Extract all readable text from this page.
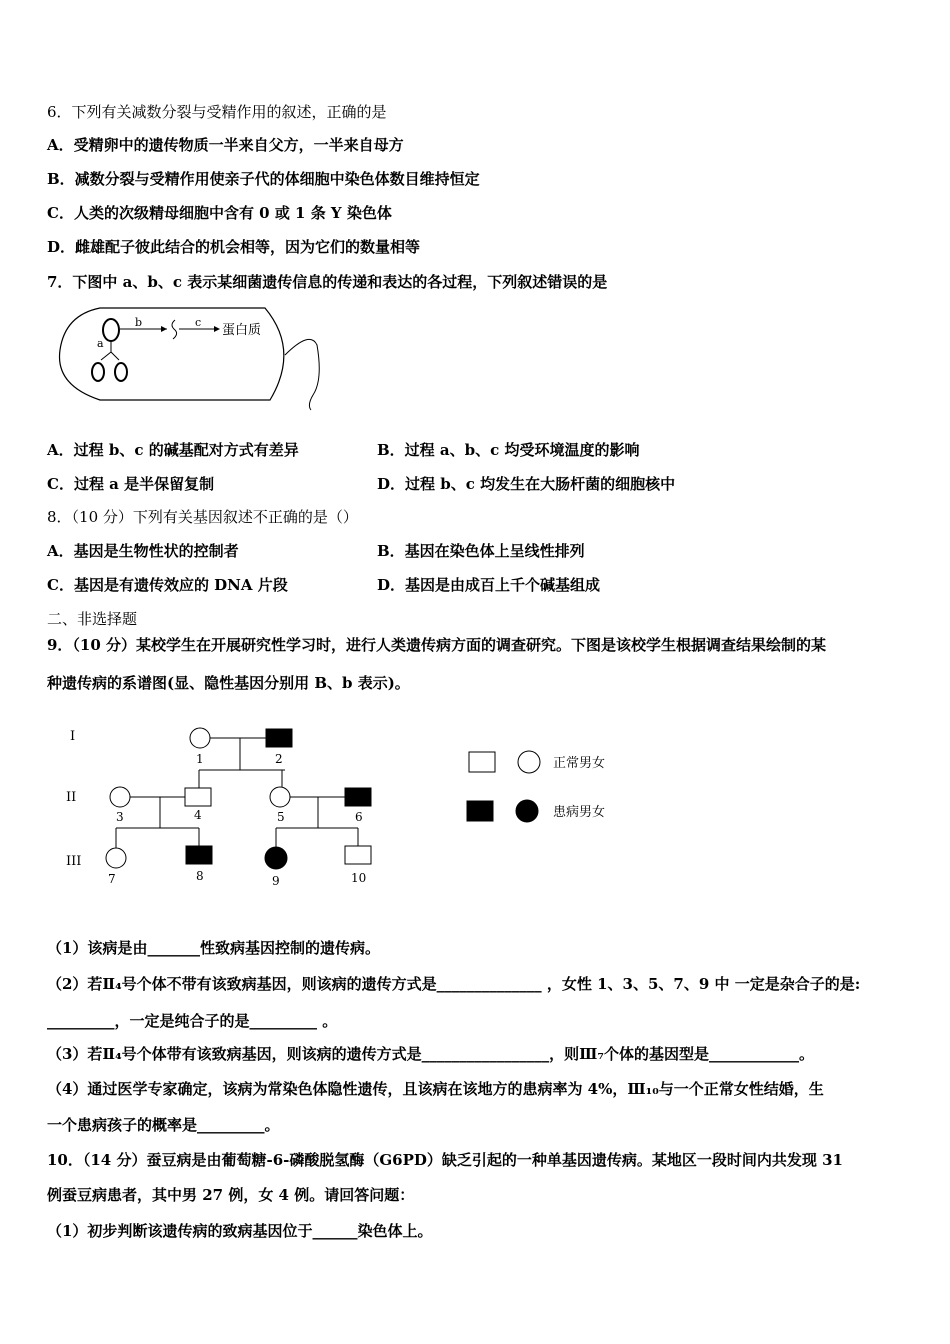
6．下列有关减数分裂与受精作用的叙述，正确的是
A．受精卵中的遗传物质一半来自父方，一半来自母方
B．减数分裂与受精作用使亲子代的体细胞中染色体数目维持恒定
C．人类的次级精母细胞中含有 0 或 1 条 Y 染色体
D．雌雄配子彼此结合的机会相等，因为它们的数量相等
7．下图中 a、b、c 表示某细菌遗传信息的传递和表达的各过程，下列叙述错误的是
b	c
a
蛋白质
A．过程 b、c 的碱基配对方式有差异	B．过程 a、b、c 均受环境温度的影响
C．过程 a 是半保留复制	D．过程 b、c 均发生在大肠杆菌的细胞核中
8．（10 分）下列有关基因叙述不正确的是（）
A．基因是生物性状的控制者	B．基因在染色体上呈线性排列
C．基因是有遗传效应的 DNA 片段	D．基因是由成百上千个碱基组成
二、非选择题
9．（10 分）某校学生在开展研究性学习时，进行人类遗传病方面的调查研究。下图是该校学生根据调查结果绘制的某
种遗传病的系谱图(显、隐性基因分别用 B、b 表示)。
I
II
III
1	2
3	4	5	6
7	8	9	10
正常男女
患病男女
（1）该病是由_______性致病基因控制的遗传病。
（2）若Ⅱ₄号个体不带有该致病基因，则该病的遗传方式是______________ ，女性 1、3、5、7、9 中 一定是杂合子的是:
_________，一定是纯合子的是_________ 。
（3）若Ⅱ₄号个体带有该致病基因，则该病的遗传方式是_________________，则Ⅲ₇个体的基因型是____________。
（4）通过医学专家确定，该病为常染色体隐性遗传，且该病在该地方的患病率为 4%，Ⅲ₁₀与一个正常女性结婚，生
一个患病孩子的概率是_________。
10．（14 分）蚕豆病是由葡萄糖-6-磷酸脱氢酶（G6PD）缺乏引起的一种单基因遗传病。某地区一段时间内共发现 31
例蚕豆病患者，其中男 27 例，女 4 例。请回答问题：
（1）初步判断该遗传病的致病基因位于______染色体上。
